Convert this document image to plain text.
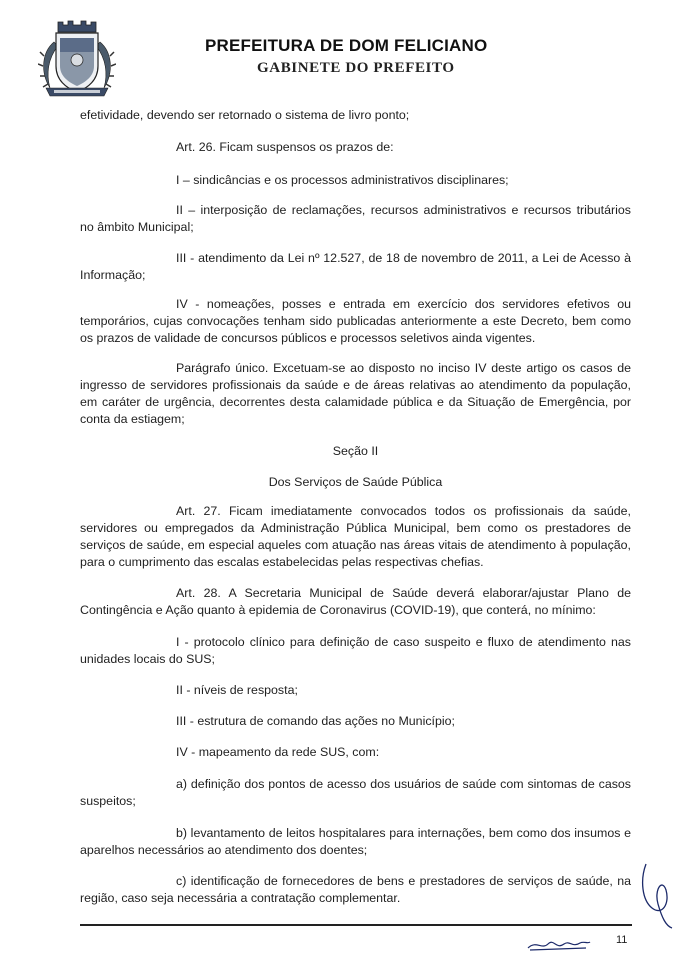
PREFEITURA DE DOM FELICIANO
GABINETE DO PREFEITO

efetividade, devendo ser retornado o sistema de livro ponto;

Art. 26. Ficam suspensos os prazos de:

I – sindicâncias e os processos administrativos disciplinares;

II – interposição de reclamações, recursos administrativos e recursos tributários no âmbito Municipal;

III - atendimento da Lei nº 12.527, de 18 de novembro de 2011, a Lei de Acesso à Informação;

IV - nomeações, posses e entrada em exercício dos servidores efetivos ou temporários, cujas convocações tenham sido publicadas anteriormente a este Decreto, bem como os prazos de validade de concursos públicos e processos seletivos ainda vigentes.

Parágrafo único. Excetuam-se ao disposto no inciso IV deste artigo os casos de ingresso de servidores profissionais da saúde e de áreas relativas ao atendimento da população, em caráter de urgência, decorrentes desta calamidade pública e da Situação de Emergência, por conta da estiagem;

Seção II

Dos Serviços de Saúde Pública

Art. 27. Ficam imediatamente convocados todos os profissionais da saúde, servidores ou empregados da Administração Pública Municipal, bem como os prestadores de serviços de saúde, em especial aqueles com atuação nas áreas vitais de atendimento à população, para o cumprimento das escalas estabelecidas pelas respectivas chefias.

Art. 28. A Secretaria Municipal de Saúde deverá elaborar/ajustar Plano de Contingência e Ação quanto à epidemia de Coronavirus (COVID-19), que conterá, no mínimo:

I - protocolo clínico para definição de caso suspeito e fluxo de atendimento nas unidades locais do SUS;

II - níveis de resposta;

III - estrutura de comando das ações no Município;

IV - mapeamento da rede SUS, com:

a) definição dos pontos de acesso dos usuários de saúde com sintomas de casos suspeitos;

b) levantamento de leitos hospitalares para internações, bem como dos insumos e aparelhos necessários ao atendimento dos doentes;

c) identificação de fornecedores de bens e prestadores de serviços de saúde, na região, caso seja necessária a contratação complementar.

11
